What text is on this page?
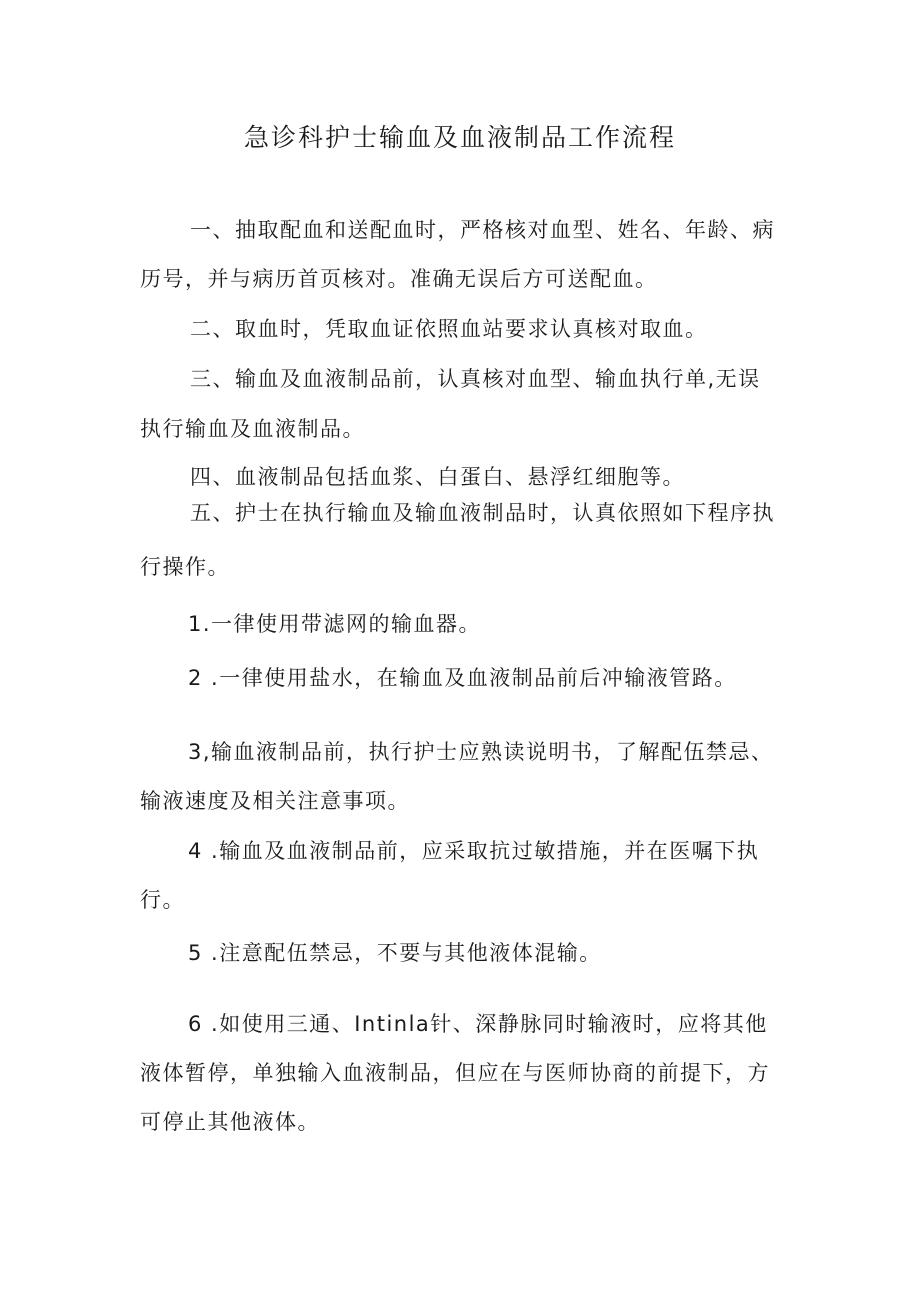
急诊科护士输血及血液制品工作流程
一、抽取配血和送配血时，严格核对血型、姓名、年龄、病
历号，并与病历首页核对。准确无误后方可送配血。
二、取血时，凭取血证依照血站要求认真核对取血。
三、输血及血液制品前，认真核对血型、输血执行单,无误
执行输血及血液制品。
四、血液制品包括血浆、白蛋白、悬浮红细胞等。
五、护士在执行输血及输血液制品时，认真依照如下程序执
行操作。
1.一律使用带滤网的输血器。
2 .一律使用盐水，在输血及血液制品前后冲输液管路。
3,输血液制品前，执行护士应熟读说明书，了解配伍禁忌、
输液速度及相关注意事项。
4 .输血及血液制品前，应采取抗过敏措施，并在医嘱下执
行。
5 .注意配伍禁忌，不要与其他液体混输。
6 .如使用三通、Intinla针、深静脉同时输液时，应将其他
液体暂停，单独输入血液制品，但应在与医师协商的前提下，方
可停止其他液体。
